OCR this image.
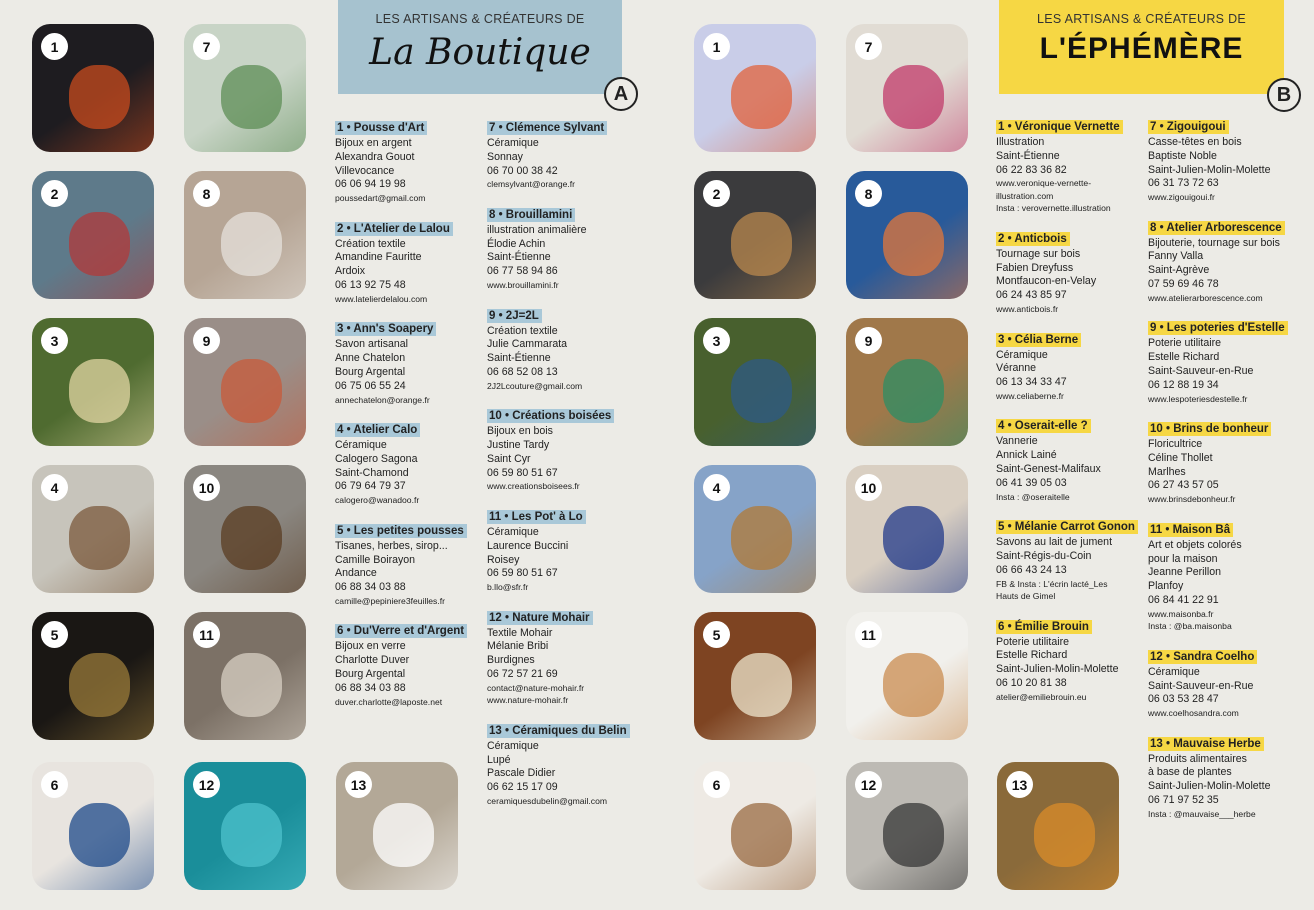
1
2
3
4
5
6
7
8
9
10
11
12	13
LES ARTISANS & CRÉATEURS DE
La Boutique
A
1 • Pousse d'Art
Bijoux en argent
Alexandra Gouot
Villevocance
06 06 94 19 98
poussedart@gmail.com
2 • L'Atelier de Lalou
Création textile
Amandine Fauritte
Ardoix
06 13 92 75 48
www.latelierdelalou.com
3 • Ann's Soapery
Savon artisanal
Anne Chatelon
Bourg Argental
06 75 06 55 24
annechatelon@orange.fr
4 • Atelier Calo
Céramique
Calogero Sagona
Saint-Chamond
06 79 64 79 37
calogero@wanadoo.fr
5 • Les petites pousses
Tisanes, herbes, sirop...
Camille Boirayon
Andance
06 88 34 03 88
camille@pepiniere3feuilles.fr
6 • Du'Verre et d'Argent
Bijoux en verre
Charlotte Duver
Bourg Argental
06 88 34 03 88
duver.charlotte@laposte.net
7 • Clémence Sylvant
Céramique
Sonnay
06 70 00 38 42
clemsylvant@orange.fr
8 • Brouillamini
illustration animalière
Élodie Achin
Saint-Étienne
06 77 58 94 86
www.brouillamini.fr
9 • 2J=2L
Création textile
Julie Cammarata
Saint-Étienne
06 68 52 08 13
2J2Lcouture@gmail.com
10 • Créations boisées
Bijoux en bois
Justine Tardy
Saint Cyr
06 59 80 51 67
www.creationsboisees.fr
11 • Les Pot' à Lo
Céramique
Laurence Buccini
Roisey
06 59 80 51 67
b.llo@sfr.fr
12 • Nature Mohair
Textile Mohair
Mélanie Bribi
Burdignes
06 72 57 21 69
contact@nature-mohair.fr
www.nature-mohair.fr
13 • Céramiques du Belin
Céramique
Lupé
Pascale Didier
06 62 15 17 09
ceramiquesdubelin@gmail.com
1
2
3
4
5
6
7
8
9
10
11
12	13
LES ARTISANS & CRÉATEURS DE
L'ÉPHÉMÈRE
B
1 • Véronique Vernette
Illustration
Saint-Étienne
06 22 83 36 82
www.veronique-vernette-
illustration.com
Insta : verovernette.illustration
2 • Anticbois
Tournage sur bois
Fabien Dreyfuss
Montfaucon-en-Velay
06 24 43 85 97
www.anticbois.fr
3 • Célia Berne
Céramique
Véranne
06 13 34 33 47
www.celiaberne.fr
4 • Oserait-elle ?
Vannerie
Annick Lainé
Saint-Genest-Malifaux
06 41 39 05 03
Insta : @oseraitelle
5 • Mélanie Carrot Gonon
Savons au lait de jument
Saint-Régis-du-Coin
06 66 43 24 13
FB & Insta : L'écrin lacté_Les
Hauts de Gimel
6 • Émilie Brouin
Poterie utilitaire
Estelle Richard
Saint-Julien-Molin-Molette
06 10 20 81 38
atelier@emiliebrouin.eu
7 • Zigouigoui
Casse-têtes en bois
Baptiste Noble
Saint-Julien-Molin-Molette
06 31 73 72 63
www.zigouigoui.fr
8 • Atelier Arborescence
Bijouterie, tournage sur bois
Fanny Valla
Saint-Agrève
07 59 69 46 78
www.atelierarborescence.com
9 • Les poteries d'Estelle
Poterie utilitaire
Estelle Richard
Saint-Sauveur-en-Rue
06 12 88 19 34
www.lespoteriesdestelle.fr
10 • Brins de bonheur
Floricultrice
Céline Thollet
Marlhes
06 27 43 57 05
www.brinsdebonheur.fr
11 • Maison Bâ
Art et objets colorés
pour la maison
Jeanne Perillon
Planfoy
06 84 41 22 91
www.maisonba.fr
Insta : @ba.maisonba
12 • Sandra Coelho
Céramique
Saint-Sauveur-en-Rue
06 03 53 28 47
www.coelhosandra.com
13 • Mauvaise Herbe
Produits alimentaires
à base de plantes
Saint-Julien-Molin-Molette
06 71 97 52 35
Insta : @mauvaise___herbe
